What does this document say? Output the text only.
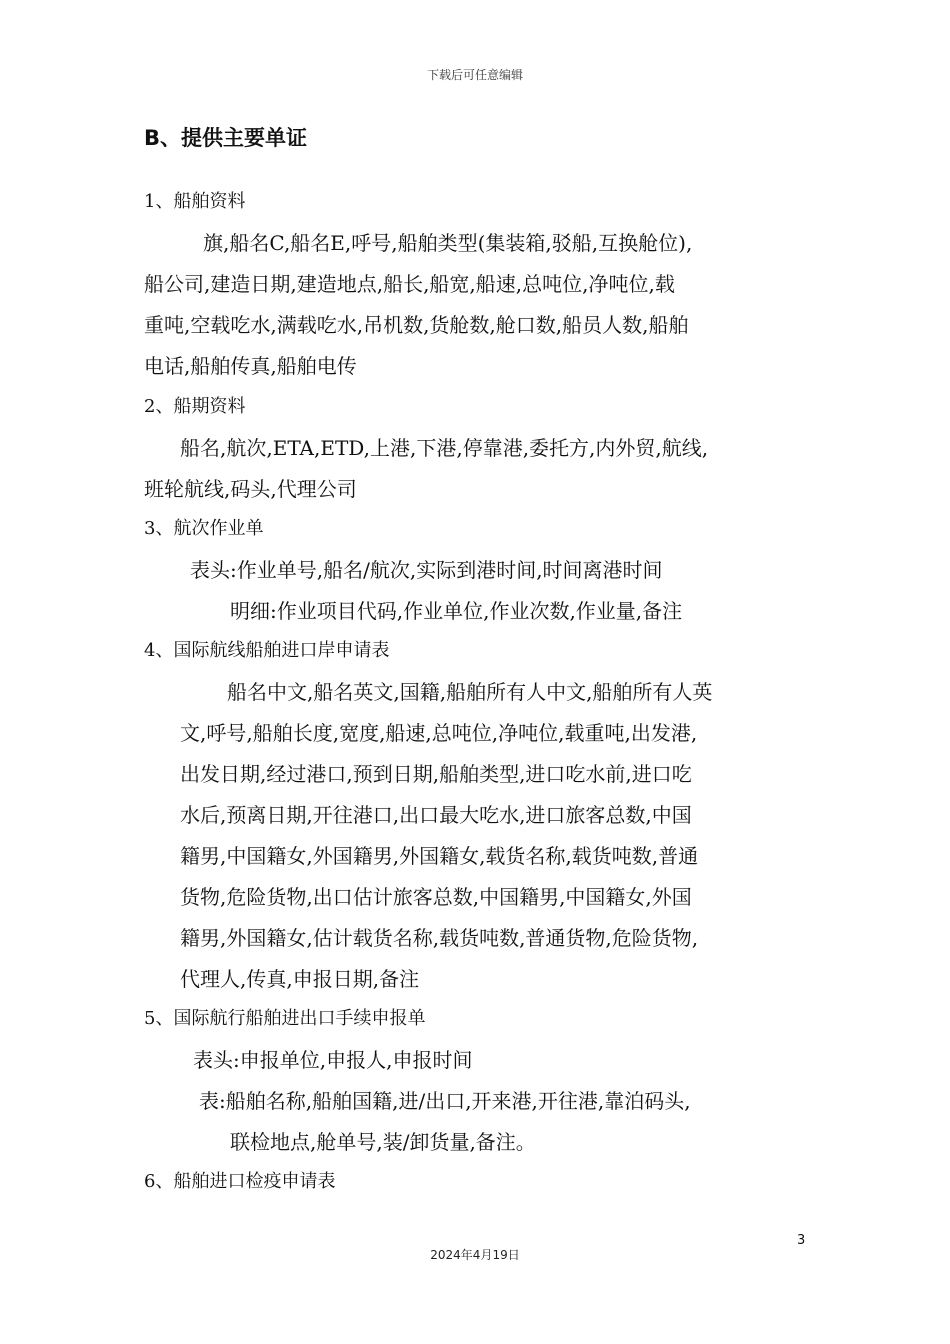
下载后可任意编辑
B、提供主要单证
1、船舶资料
旗,船名C,船名E,呼号,船舶类型(集装箱,驳船,互换舱位),
船公司,建造日期,建造地点,船长,船宽,船速,总吨位,净吨位,载
重吨,空载吃水,满载吃水,吊机数,货舱数,舱口数,船员人数,船舶
电话,船舶传真,船舶电传
2、船期资料
船名,航次,ETA,ETD,上港,下港,停靠港,委托方,内外贸,航线,
班轮航线,码头,代理公司
3、航次作业单
表头:作业单号,船名/航次,实际到港时间,时间离港时间
明细:作业项目代码,作业单位,作业次数,作业量,备注
4、国际航线船舶进口岸申请表
船名中文,船名英文,国籍,船舶所有人中文,船舶所有人英
文,呼号,船舶长度,宽度,船速,总吨位,净吨位,载重吨,出发港,
出发日期,经过港口,预到日期,船舶类型,进口吃水前,进口吃
水后,预离日期,开往港口,出口最大吃水,进口旅客总数,中国
籍男,中国籍女,外国籍男,外国籍女,载货名称,载货吨数,普通
货物,危险货物,出口估计旅客总数,中国籍男,中国籍女,外国
籍男,外国籍女,估计载货名称,载货吨数,普通货物,危险货物,
代理人,传真,申报日期,备注
5、国际航行船舶进出口手续申报单
表头:申报单位,申报人,申报时间
表:船舶名称,船舶国籍,进/出口,开来港,开往港,靠泊码头,
联检地点,舱单号,装/卸货量,备注。
6、船舶进口检疫申请表
3
2024年4月19日
